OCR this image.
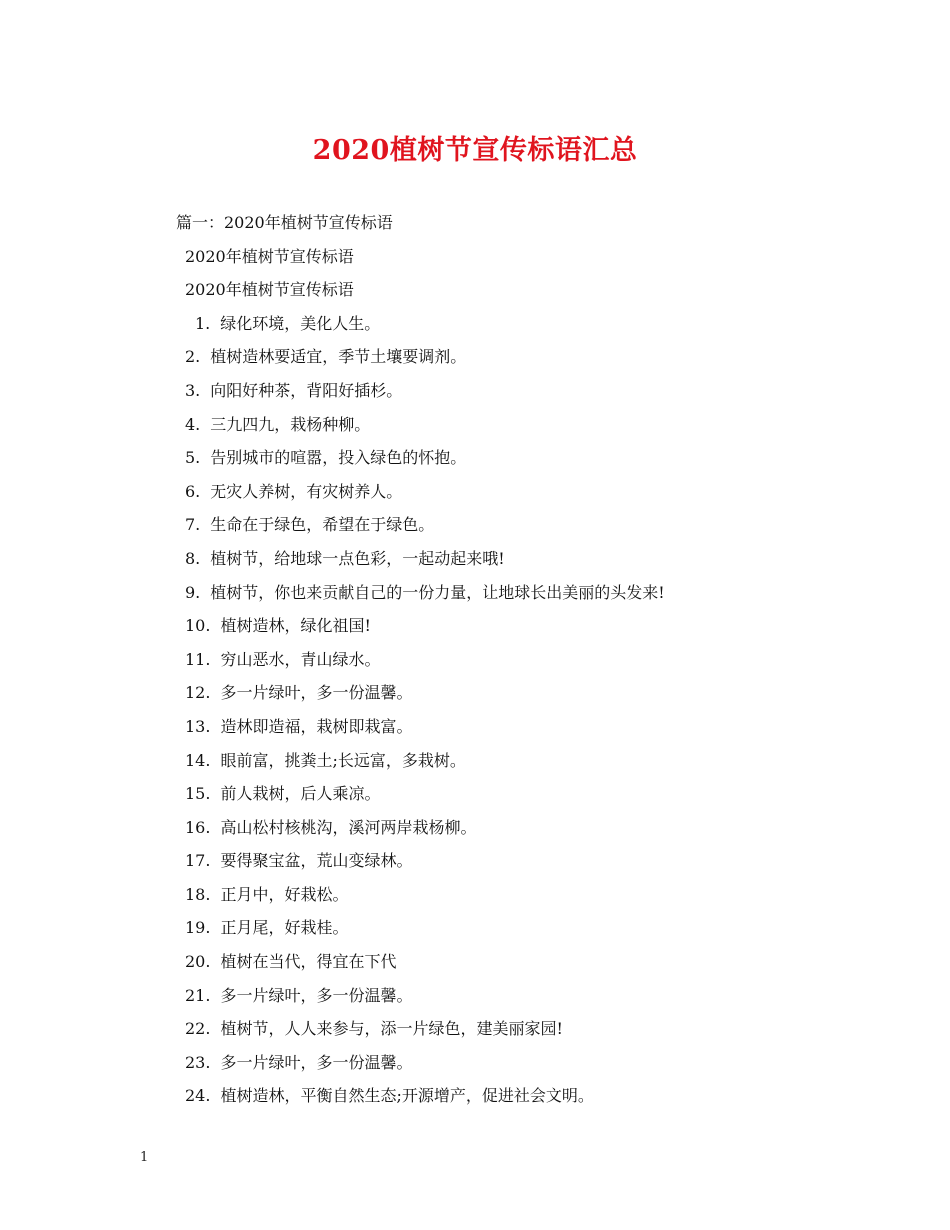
2020植树节宣传标语汇总
篇一：2020年植树节宣传标语
2020年植树节宣传标语
2020年植树节宣传标语
1. 绿化环境，美化人生。
2. 植树造林要适宜，季节土壤要调剂。
3. 向阳好种茶，背阳好插杉。
4. 三九四九，栽杨种柳。
5. 告别城市的喧嚣，投入绿色的怀抱。
6. 无灾人养树，有灾树养人。
7. 生命在于绿色，希望在于绿色。
8. 植树节，给地球一点色彩，一起动起来哦!
9. 植树节，你也来贡献自己的一份力量，让地球长出美丽的头发来!
10. 植树造林，绿化祖国!
11. 穷山恶水，青山绿水。
12. 多一片绿叶，多一份温馨。
13. 造林即造福，栽树即栽富。
14. 眼前富，挑粪土;长远富，多栽树。
15. 前人栽树，后人乘凉。
16. 高山松村核桃沟，溪河两岸栽杨柳。
17. 要得聚宝盆，荒山变绿林。
18. 正月中，好栽松。
19. 正月尾，好栽桂。
20. 植树在当代，得宜在下代
21. 多一片绿叶，多一份温馨。
22. 植树节，人人来参与，添一片绿色，建美丽家园!
23. 多一片绿叶，多一份温馨。
24. 植树造林，平衡自然生态;开源增产，促进社会文明。
1
